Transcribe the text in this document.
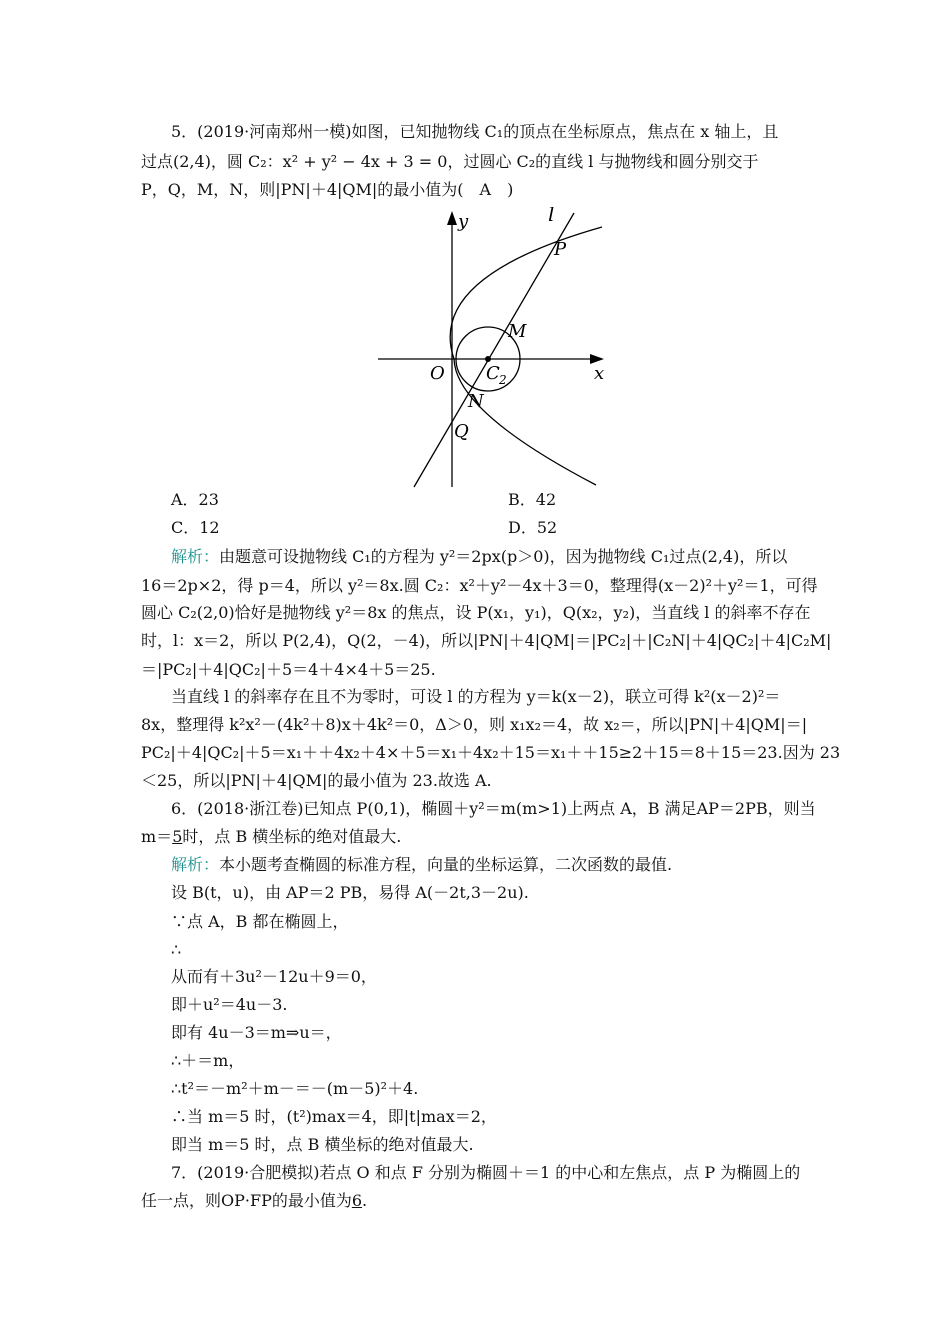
5．(2019·河南郑州一模)如图，已知抛物线 C₁的顶点在坐标原点，焦点在 x 轴上，且
过点(2,4)，圆 C₂：x² + y² − 4x + 3 = 0，过圆心 C₂的直线 l 与抛物线和圆分别交于
P，Q，M，N，则|PN|＋4|QM|的最小值为(　A　)
y
x
O C 2
l
P
M
N
Q
A．23	B．42
C．12	D．52
解析：由题意可设抛物线 C₁的方程为 y²＝2px(p＞0)，因为抛物线 C₁过点(2,4)，所以
16＝2p×2，得 p＝4，所以 y²＝8x.圆 C₂：x²＋y²－4x＋3＝0，整理得(x－2)²＋y²＝1，可得
圆心 C₂(2,0)恰好是抛物线 y²＝8x 的焦点，设 P(x₁，y₁)，Q(x₂，y₂)，当直线 l 的斜率不存在
时，l：x＝2，所以 P(2,4)，Q(2，－4)，所以|PN|＋4|QM|＝|PC₂|＋|C₂N|＋4|QC₂|＋4|C₂M|
＝|PC₂|＋4|QC₂|＋5＝4＋4×4＋5＝25.
当直线 l 的斜率存在且不为零时，可设 l 的方程为 y＝k(x－2)，联立可得 k²(x－2)²＝
8x，整理得 k²x²－(4k²＋8)x＋4k²＝0，Δ＞0，则 x₁x₂＝4，故 x₂＝，所以|PN|＋4|QM|＝|
PC₂|＋4|QC₂|＋5＝x₁＋＋4x₂＋4×＋5＝x₁＋4x₂＋15＝x₁＋＋15≥2＋15＝8＋15＝23.因为 23
＜25，所以|PN|＋4|QM|的最小值为 23.故选 A.
6．(2018·浙江卷)已知点 P(0,1)，椭圆＋y²＝m(m>1)上两点 A，B 满足AP＝2PB，则当
m＝5时，点 B 横坐标的绝对值最大.
解析：本小题考查椭圆的标准方程，向量的坐标运算，二次函数的最值.
设 B(t，u)，由 AP＝2 PB，易得 A(－2t,3－2u).
∵点 A，B 都在椭圆上，
∴
从而有＋3u²－12u＋9＝0，
即＋u²＝4u－3.
即有 4u－3＝m⇒u＝，
∴＋＝m，
∴t²＝－m²＋m－＝－(m－5)²＋4.
∴当 m＝5 时，(t²)max＝4，即|t|max＝2，
即当 m＝5 时，点 B 横坐标的绝对值最大.
7．(2019·合肥模拟)若点 O 和点 F 分别为椭圆＋＝1 的中心和左焦点，点 P 为椭圆上的
任一点，则OP·FP的最小值为6.
